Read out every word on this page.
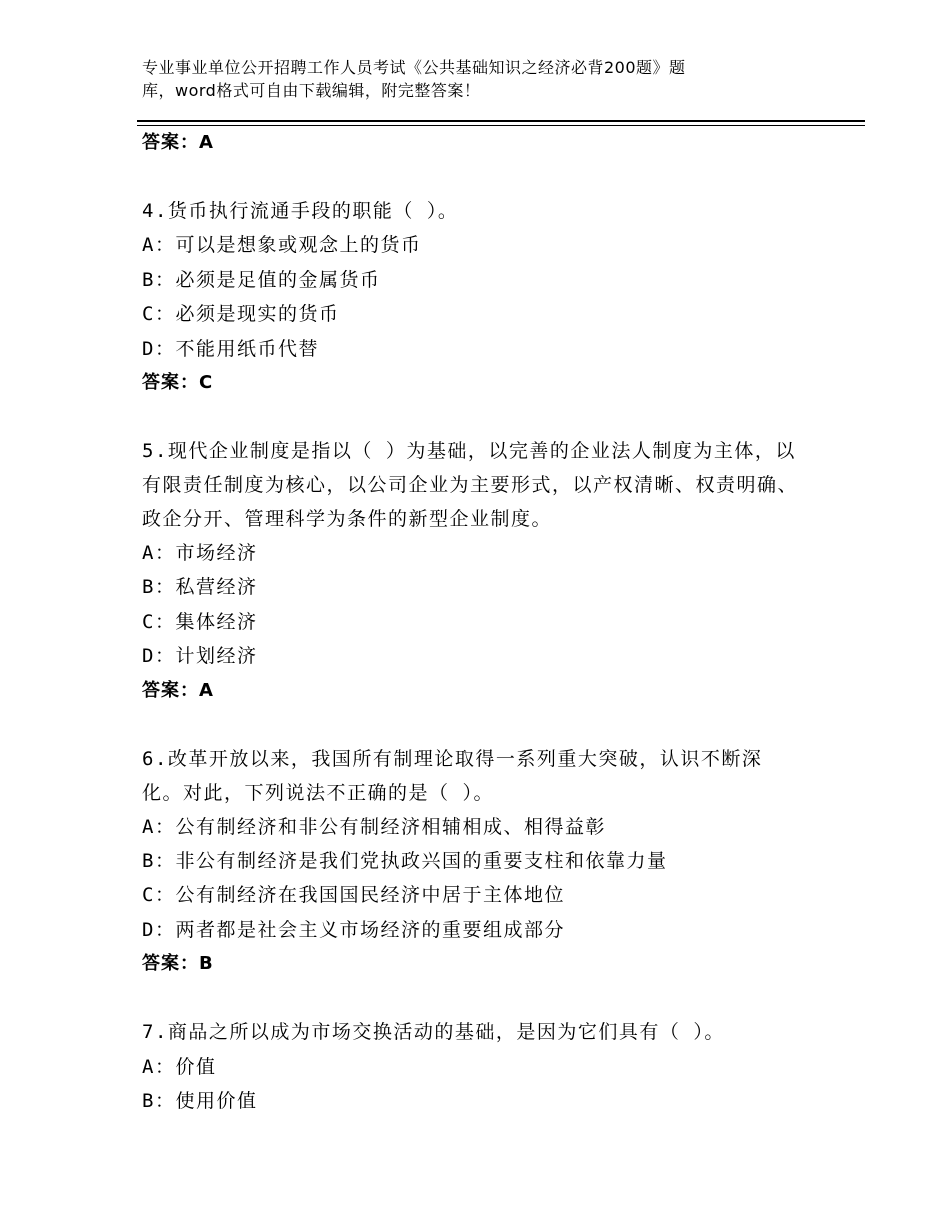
专业事业单位公开招聘工作人员考试《公共基础知识之经济必背200题》题
库，word格式可自由下载编辑，附完整答案！
答案：A
4.货币执行流通手段的职能（ ）。
A：可以是想象或观念上的货币
B：必须是足值的金属货币
C：必须是现实的货币
D：不能用纸币代替
答案：C
5.现代企业制度是指以（ ）为基础，以完善的企业法人制度为主体，以有限责任制度为核心，以公司企业为主要形式，以产权清晰、权责明确、政企分开、管理科学为条件的新型企业制度。
A：市场经济
B：私营经济
C：集体经济
D：计划经济
答案：A
6.改革开放以来，我国所有制理论取得一系列重大突破，认识不断深化。对此，下列说法不正确的是（ ）。
A：公有制经济和非公有制经济相辅相成、相得益彰
B：非公有制经济是我们党执政兴国的重要支柱和依靠力量
C：公有制经济在我国国民经济中居于主体地位
D：两者都是社会主义市场经济的重要组成部分
答案：B
7.商品之所以成为市场交换活动的基础，是因为它们具有（ ）。
A：价值
B：使用价值
